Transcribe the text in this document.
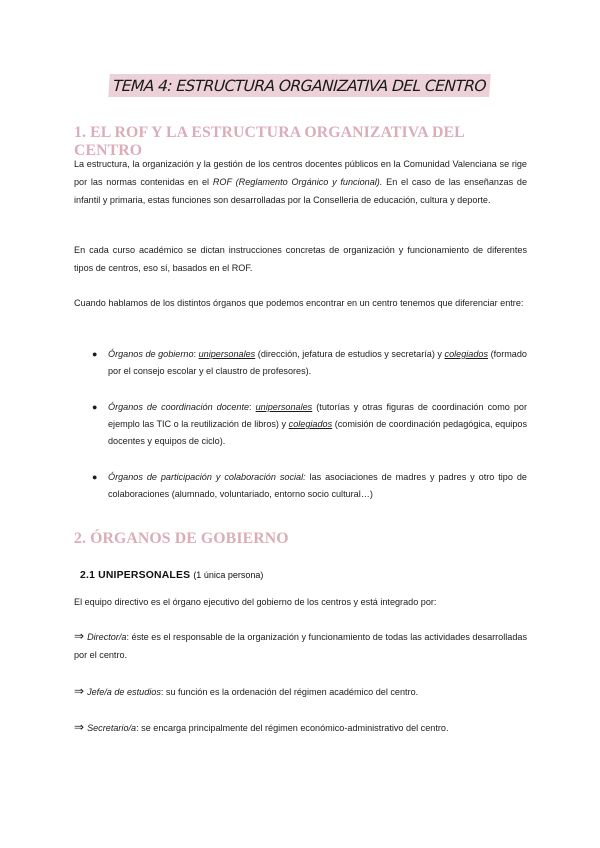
TEMA 4: ESTRUCTURA ORGANIZATIVA DEL CENTRO
1. EL ROF Y LA ESTRUCTURA ORGANIZATIVA DEL CENTRO

La estructura, la organización y la gestión de los centros docentes públicos en la Comunidad Valenciana se rige por las normas contenidas en el ROF (Reglamento Orgánico y funcional). En el caso de las enseñanzas de infantil y primaria, estas funciones son desarrolladas por la Conselleria de educación, cultura y deporte.

En cada curso académico se dictan instrucciones concretas de organización y funcionamiento de diferentes tipos de centros, eso sí, basados en el ROF.

Cuando hablamos de los distintos órganos que podemos encontrar en un centro tenemos que diferenciar entre:

● Órganos de gobierno: unipersonales (dirección, jefatura de estudios y secretaría) y colegiados (formado por el consejo escolar y el claustro de profesores).
● Órganos de coordinación docente: unipersonales (tutorías y otras figuras de coordinación como por ejemplo las TIC o la reutilización de libros) y colegiados (comisión de coordinación pedagógica, equipos docentes y equipos de ciclo).
● Órganos de participación y colaboración social: las asociaciones de madres y padres y otro tipo de colaboraciones (alumnado, voluntariado, entorno socio cultural…)
2. ÓRGANOS DE GOBIERNO
2.1 UNIPERSONALES (1 única persona)

El equipo directivo es el órgano ejecutivo del gobierno de los centros y está integrado por:

⇒ Director/a: éste es el responsable de la organización y funcionamiento de todas las actividades desarrolladas por el centro.

⇒ Jefe/a de estudios: su función es la ordenación del régimen académico del centro.

⇒ Secretario/a: se encarga principalmente del régimen económico-administrativo del centro.
